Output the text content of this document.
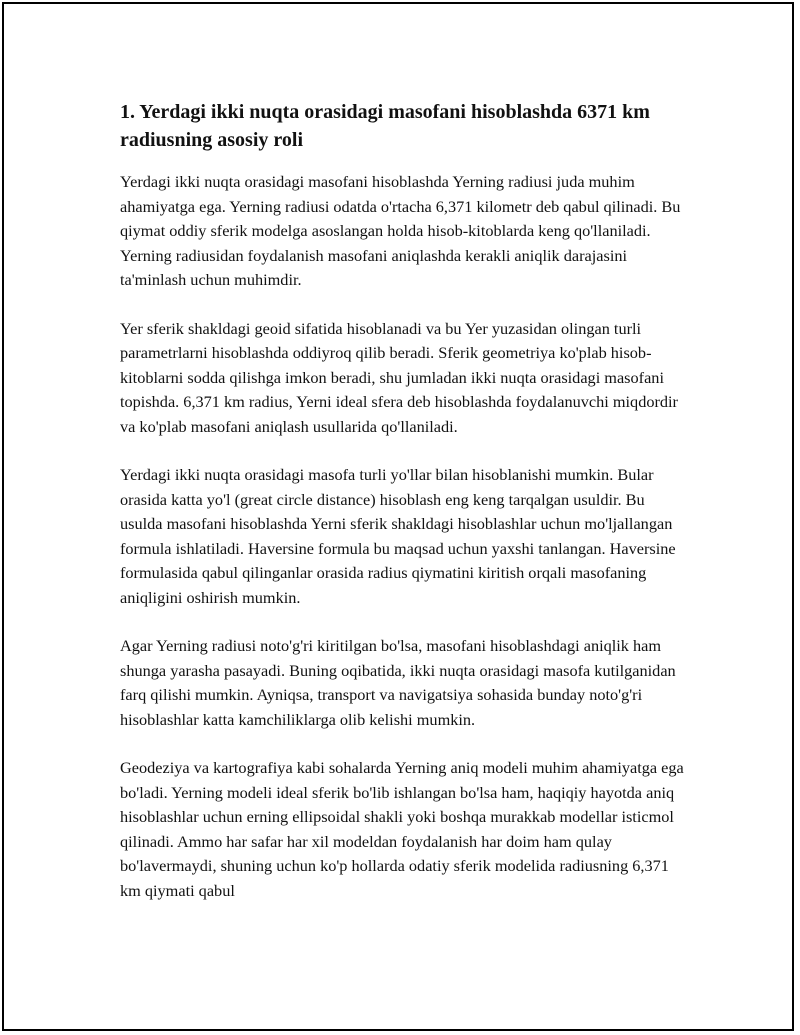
1. Yerdagi ikki nuqta orasidagi masofani hisoblashda 6371 km radiusning asosiy roli

Yerdagi ikki nuqta orasidagi masofani hisoblashda Yerning radiusi juda muhim ahamiyatga ega. Yerning radiusi odatda o'rtacha 6,371 kilometr deb qabul qilinadi. Bu qiymat oddiy sferik modelga asoslangan holda hisob-kitoblarda keng qo'llaniladi. Yerning radiusidan foydalanish masofani aniqlashda kerakli aniqlik darajasini ta'minlash uchun muhimdir.

Yer sferik shakldagi geoid sifatida hisoblanadi va bu Yer yuzasidan olingan turli parametrlarni hisoblashda oddiyroq qilib beradi. Sferik geometriya ko'plab hisob-kitoblarni sodda qilishga imkon beradi, shu jumladan ikki nuqta orasidagi masofani topishda. 6,371 km radius, Yerni ideal sfera deb hisoblashda foydalanuvchi miqdordir va ko'plab masofani aniqlash usullarida qo'llaniladi.

Yerdagi ikki nuqta orasidagi masofa turli yo'llar bilan hisoblanishi mumkin. Bular orasida katta yo'l (great circle distance) hisoblash eng keng tarqalgan usuldir. Bu usulda masofani hisoblashda Yerni sferik shakldagi hisoblashlar uchun mo'ljallangan formula ishlatiladi. Haversine formula bu maqsad uchun yaxshi tanlangan. Haversine formulasida qabul qilinganlar orasida radius qiymatini kiritish orqali masofaning aniqligini oshirish mumkin.

Agar Yerning radiusi noto'g'ri kiritilgan bo'lsa, masofani hisoblashdagi aniqlik ham shunga yarasha pasayadi. Buning oqibatida, ikki nuqta orasidagi masofa kutilganidan farq qilishi mumkin. Ayniqsa, transport va navigatsiya sohasida bunday noto'g'ri hisoblashlar katta kamchiliklarga olib kelishi mumkin.

Geodeziya va kartografiya kabi sohalarda Yerning aniq modeli muhim ahamiyatga ega bo'ladi. Yerning modeli ideal sferik bo'lib ishlangan bo'lsa ham, haqiqiy hayotda aniq hisoblashlar uchun erning ellipsoidal shakli yoki boshqa murakkab modellar isticmol qilinadi. Ammo har safar har xil modeldan foydalanish har doim ham qulay bo'lavermaydi, shuning uchun ko'p hollarda odatiy sferik modelida radiusning 6,371 km qiymati qabul
